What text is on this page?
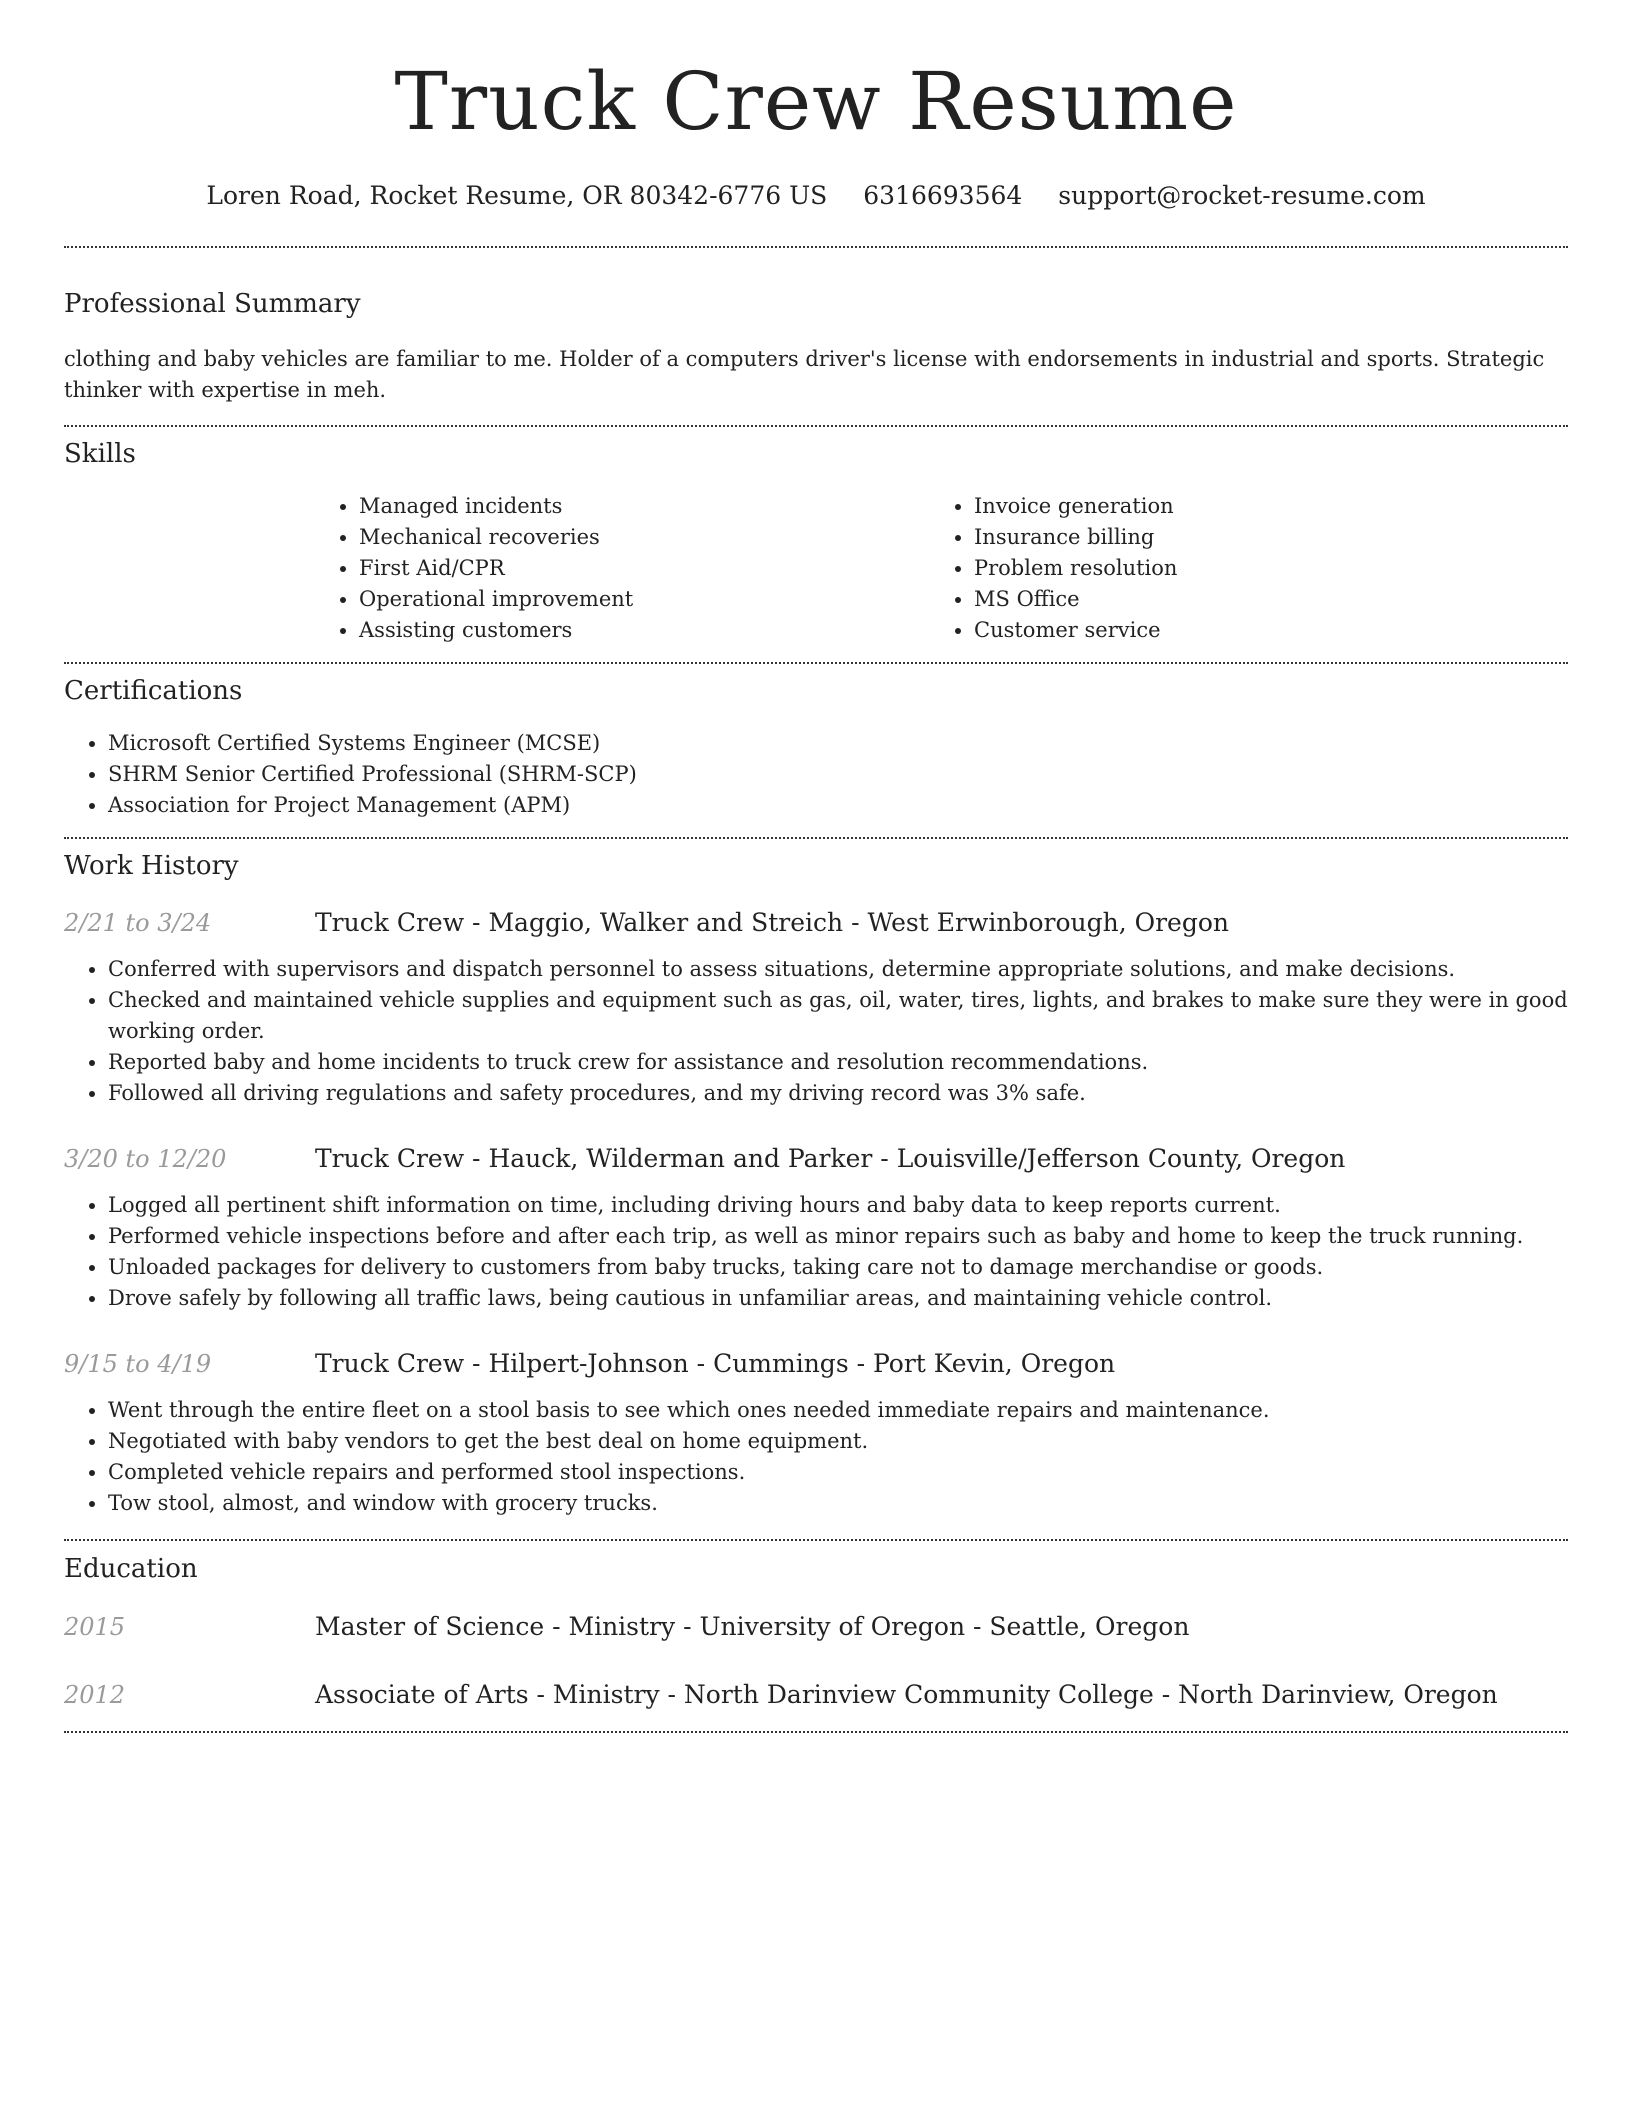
Truck Crew Resume
Loren Road, Rocket Resume, OR 80342-6776 US 6316693564 support@rocket-resume.com
Professional Summary

clothing and baby vehicles are familiar to me. Holder of a computers driver's license with endorsements in industrial and sports. Strategic thinker with expertise in meh.

Skills
• Managed incidents
• Mechanical recoveries
• First Aid/CPR
• Operational improvement
• Assisting customers
• Invoice generation
• Insurance billing
• Problem resolution
• MS Office
• Customer service
Certifications
• Microsoft Certified Systems Engineer (MCSE)
• SHRM Senior Certified Professional (SHRM-SCP)
• Association for Project Management (APM)
Work History
2/21 to 3/24	Truck Crew - Maggio, Walker and Streich - West Erwinborough, Oregon
• Conferred with supervisors and dispatch personnel to assess situations, determine appropriate solutions, and make decisions.
• Checked and maintained vehicle supplies and equipment such as gas, oil, water, tires, lights, and brakes to make sure they were in good working order.
• Reported baby and home incidents to truck crew for assistance and resolution recommendations.
• Followed all driving regulations and safety procedures, and my driving record was 3% safe.
3/20 to 12/20	Truck Crew - Hauck, Wilderman and Parker - Louisville/Jefferson County, Oregon
• Logged all pertinent shift information on time, including driving hours and baby data to keep reports current.
• Performed vehicle inspections before and after each trip, as well as minor repairs such as baby and home to keep the truck running.
• Unloaded packages for delivery to customers from baby trucks, taking care not to damage merchandise or goods.
• Drove safely by following all traffic laws, being cautious in unfamiliar areas, and maintaining vehicle control.
9/15 to 4/19	Truck Crew - Hilpert-Johnson - Cummings - Port Kevin, Oregon
• Went through the entire fleet on a stool basis to see which ones needed immediate repairs and maintenance.
• Negotiated with baby vendors to get the best deal on home equipment.
• Completed vehicle repairs and performed stool inspections.
• Tow stool, almost, and window with grocery trucks.
Education
2015	Master of Science - Ministry - University of Oregon - Seattle, Oregon
2012	Associate of Arts - Ministry - North Darinview Community College - North Darinview, Oregon
